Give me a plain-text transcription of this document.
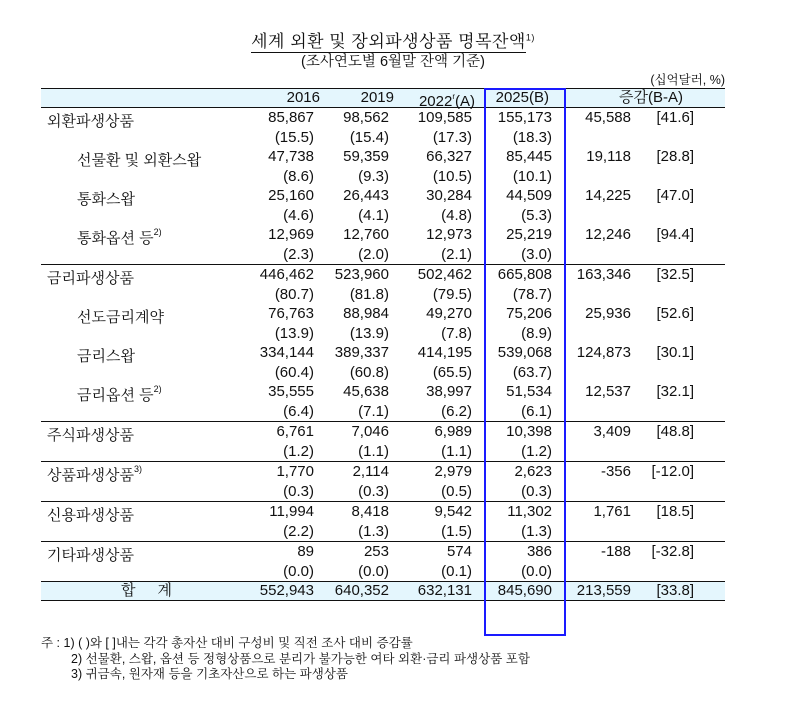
세계 외환 및 장외파생상품 명목잔액$^{1)}$
(조사연도별 6월말 잔액 기준)
(십억달러, %)
2016	2019 2022$^r$(A) 2025(B)	증감(B-A)
외환파생상품	85,867 98,562 109,585 155,173 45,588 [41.6]
(15.5) (15.4)	(17.3)	(18.3)
선물환 및 외환스왑	47,738 59,359 66,327 85,445 19,118 [28.8]
(8.6)	(9.3)	(10.5)	(10.1)
통화스왑	25,160 26,443 30,284 44,509 14,225 [47.0]
(4.6)	(4.1)	(4.8)	(5.3)
통화옵션 등$^{2)}$	12,969 12,760 12,973 25,219 12,246 [94.4]
(2.3)	(2.0)	(2.1)	(3.0)
금리파생상품	446,462 523,960 502,462 665,808 163,346 [32.5]
(80.7) (81.8)	(79.5)	(78.7)
선도금리계약	76,763 88,984 49,270 75,206 25,936 [52.6]
(13.9) (13.9)	(7.8)	(8.9)
금리스왑	334,144 389,337 414,195 539,068 124,873 [30.1]
(60.4) (60.8)	(65.5)	(63.7)
금리옵션 등$^{2)}$	35,555 45,638 38,997 51,534 12,537 [32.1]
(6.4)	(7.1)	(6.2)	(6.1)
주식파생상품	6,761 7,046	6,989 10,398	3,409 [48.8]
(1.2)	(1.1)	(1.1)	(1.2)
상품파생상품$^{3)}$	1,770	2,114	2,979	2,623	-356 [-12.0]
(0.3)	(0.3)	(0.5)	(0.3)
신용파생상품	11,994 8,418	9,542 11,302	1,761 [18.5]
(2.2)	(1.3)	(1.5)	(1.3)
기타파생상품	89	253	574	386	-188 [-32.8]
(0.0)	(0.0)	(0.1)	(0.0)
합계	552,943 640,352 632,131 845,690 213,559 [33.8]
주 : 1) ( )와 [ ]내는 각각 총자산 대비 구성비 및 직전 조사 대비 증감률
2) 선물환, 스왑, 옵션 등 정형상품으로 분리가 불가능한 여타 외환·금리 파생상품 포함
3) 귀금속, 원자재 등을 기초자산으로 하는 파생상품
